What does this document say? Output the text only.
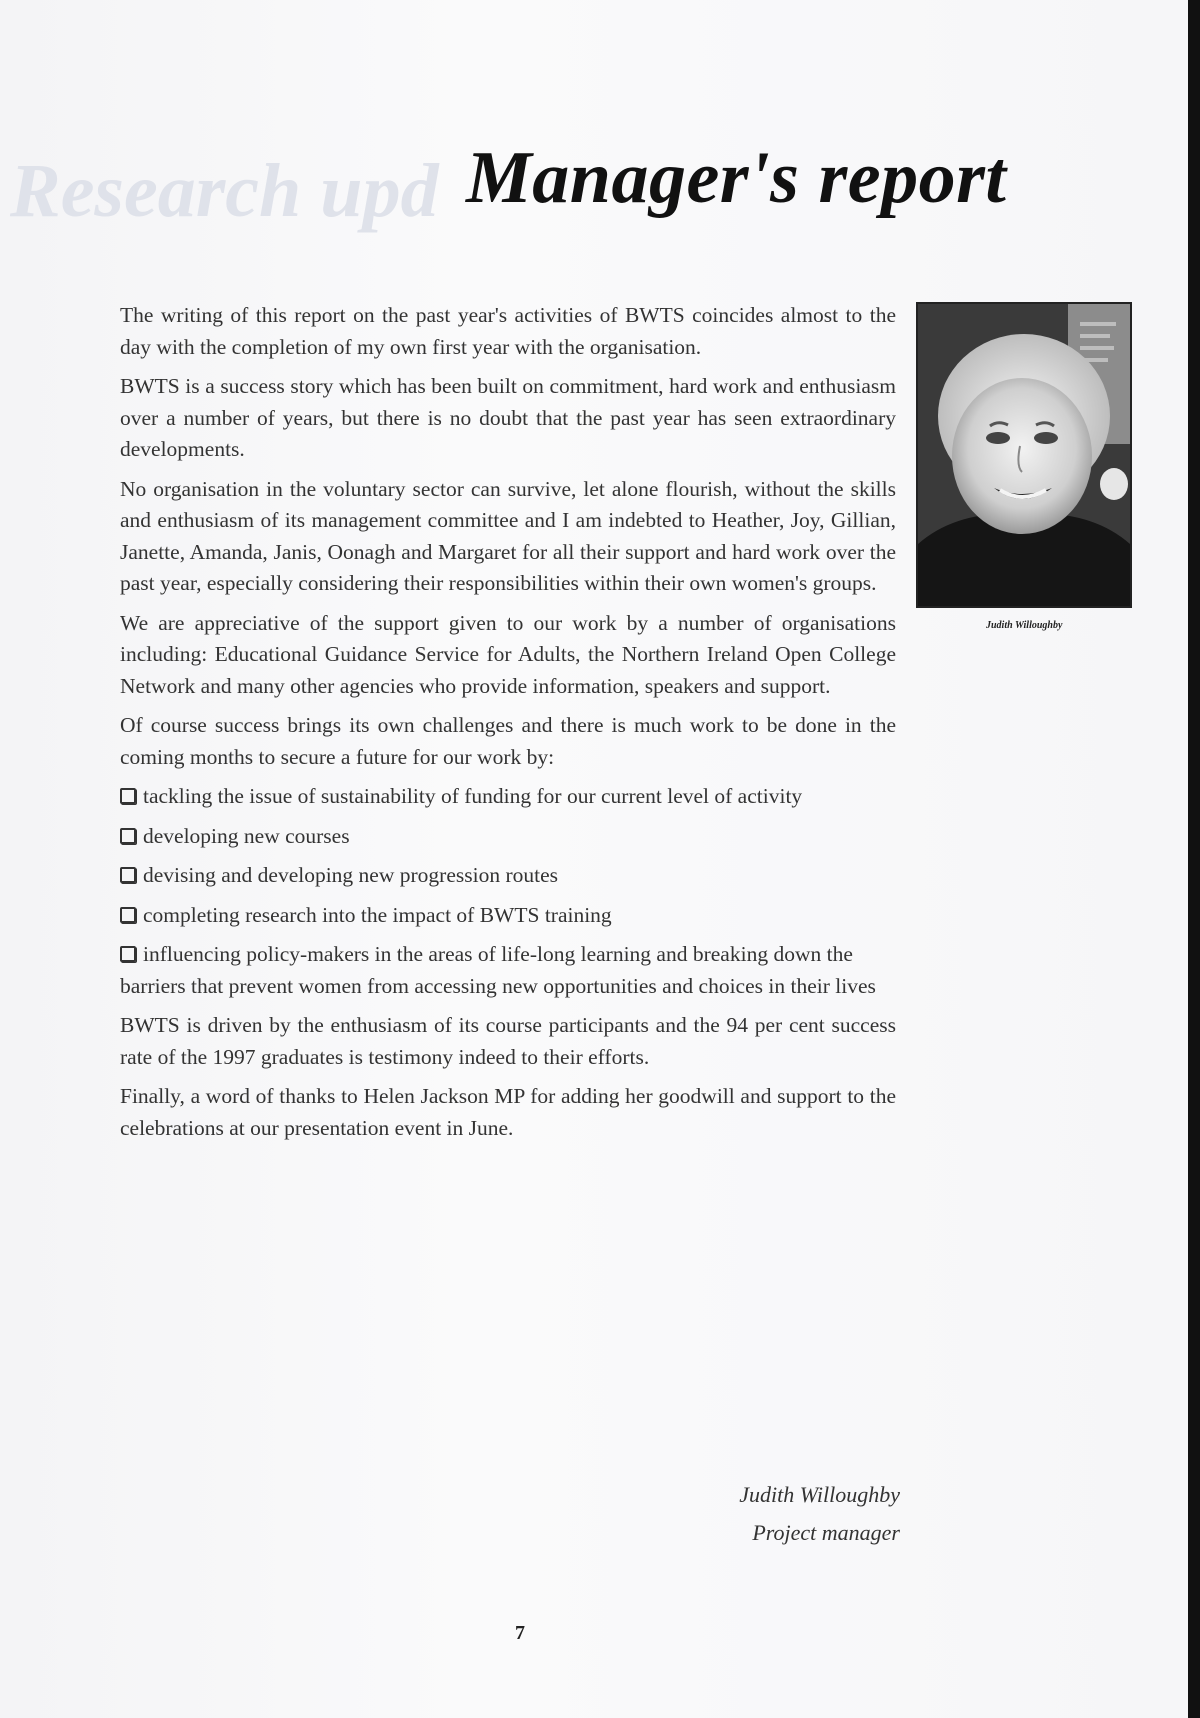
Research upd Manager's report

The writing of this report on the past year's activities of BWTS coincides almost to the day with the completion of my own first year with the organisation.

BWTS is a success story which has been built on commitment, hard work and enthusiasm over a number of years, but there is no doubt that the past year has seen extraordinary developments.

No organisation in the voluntary sector can survive, let alone flourish, without the skills and enthusiasm of its management committee and I am indebted to Heather, Joy, Gillian, Janette, Amanda, Janis, Oonagh and Margaret for all their support and hard work over the past year, especially considering their responsibilities within their own women's groups.

We are appreciative of the support given to our work by a number of organisations including: Educational Guidance Service for Adults, the Northern Ireland Open College Network and many other agencies who provide information, speakers and support.

Of course success brings its own challenges and there is much work to be done in the coming months to secure a future for our work by:

tackling the issue of sustainability of funding for our current level of activity
developing new courses
devising and developing new progression routes
completing research into the impact of BWTS training
influencing policy-makers in the areas of life-long learning and breaking down the barriers that prevent women from accessing new opportunities and choices in their lives

BWTS is driven by the enthusiasm of its course participants and the 94 per cent success rate of the 1997 graduates is testimony indeed to their efforts.

Finally, a word of thanks to Helen Jackson MP for adding her goodwill and support to the celebrations at our presentation event in June.

Judith Willoughby
Project manager
Judith Willoughby
7
